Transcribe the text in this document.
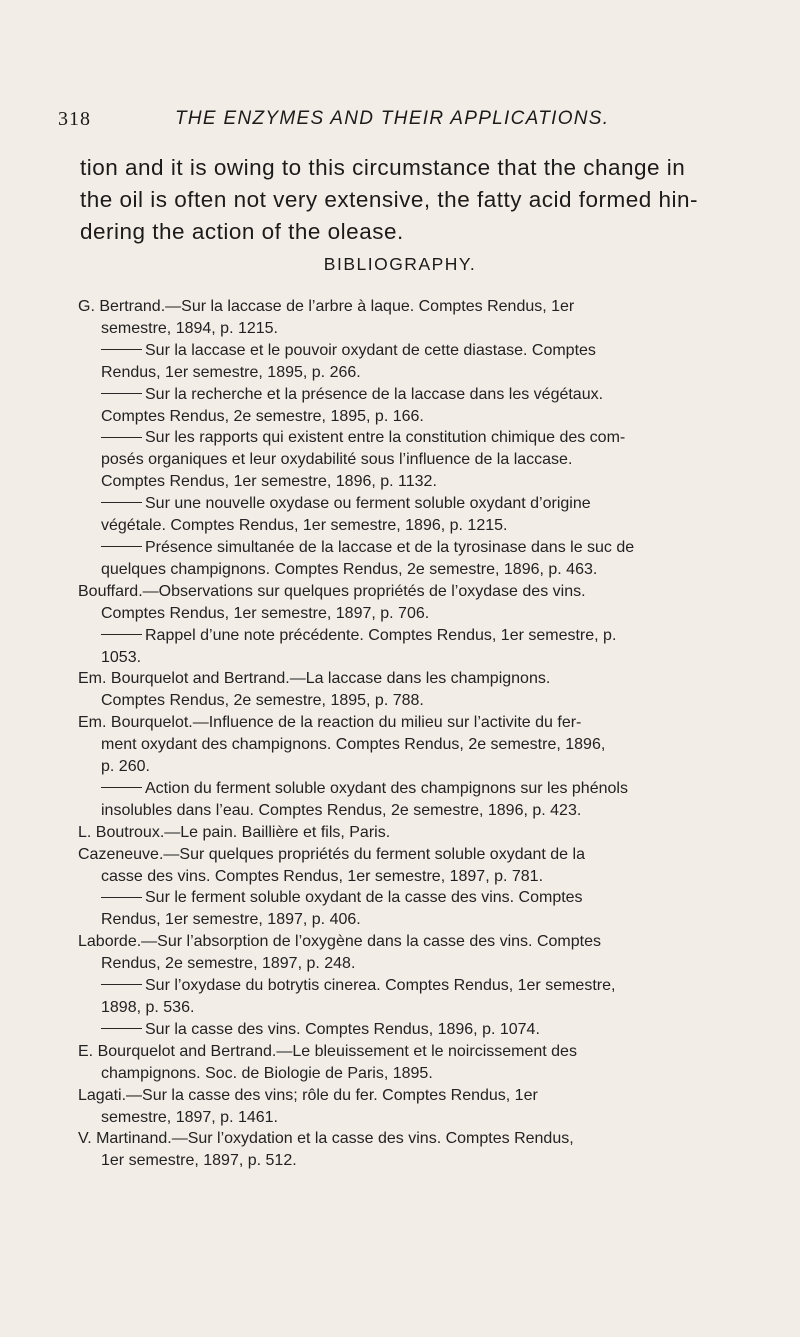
318	THE ENZYMES AND THEIR APPLICATIONS.
tion and it is owing to this circumstance that the change in
the oil is often not very extensive, the fatty acid formed hin-
dering the action of the olease.
BIBLIOGRAPHY.
G. Bertrand.—Sur la laccase de l’arbre à laque. Comptes Rendus, 1er
semestre, 1894, p. 1215.
Sur la laccase et le pouvoir oxydant de cette diastase. Comptes
Rendus, 1er semestre, 1895, p. 266.
Sur la recherche et la présence de la laccase dans les végétaux.
Comptes Rendus, 2e semestre, 1895, p. 166.
Sur les rapports qui existent entre la constitution chimique des com-
posés organiques et leur oxydabilité sous l’influence de la laccase.
Comptes Rendus, 1er semestre, 1896, p. 1132.
Sur une nouvelle oxydase ou ferment soluble oxydant d’origine
végétale. Comptes Rendus, 1er semestre, 1896, p. 1215.
Présence simultanée de la laccase et de la tyrosinase dans le suc de
quelques champignons. Comptes Rendus, 2e semestre, 1896, p. 463.
Bouffard.—Observations sur quelques propriétés de l’oxydase des vins.
Comptes Rendus, 1er semestre, 1897, p. 706.
Rappel d’une note précédente. Comptes Rendus, 1er semestre, p.
1053.
Em. Bourquelot and Bertrand.—La laccase dans les champignons.
Comptes Rendus, 2e semestre, 1895, p. 788.
Em. Bourquelot.—Influence de la reaction du milieu sur l’activite du fer-
ment oxydant des champignons. Comptes Rendus, 2e semestre, 1896,
p. 260.
Action du ferment soluble oxydant des champignons sur les phénols
insolubles dans l’eau. Comptes Rendus, 2e semestre, 1896, p. 423.
L. Boutroux.—Le pain. Baillière et fils, Paris.
Cazeneuve.—Sur quelques propriétés du ferment soluble oxydant de la
casse des vins. Comptes Rendus, 1er semestre, 1897, p. 781.
Sur le ferment soluble oxydant de la casse des vins. Comptes
Rendus, 1er semestre, 1897, p. 406.
Laborde.—Sur l’absorption de l’oxygène dans la casse des vins. Comptes
Rendus, 2e semestre, 1897, p. 248.
Sur l’oxydase du botrytis cinerea. Comptes Rendus, 1er semestre,
1898, p. 536.
Sur la casse des vins. Comptes Rendus, 1896, p. 1074.
E. Bourquelot and Bertrand.—Le bleuissement et le noircissement des
champignons. Soc. de Biologie de Paris, 1895.
Lagati.—Sur la casse des vins; rôle du fer. Comptes Rendus, 1er
semestre, 1897, p. 1461.
V. Martinand.—Sur l’oxydation et la casse des vins. Comptes Rendus,
1er semestre, 1897, p. 512.
